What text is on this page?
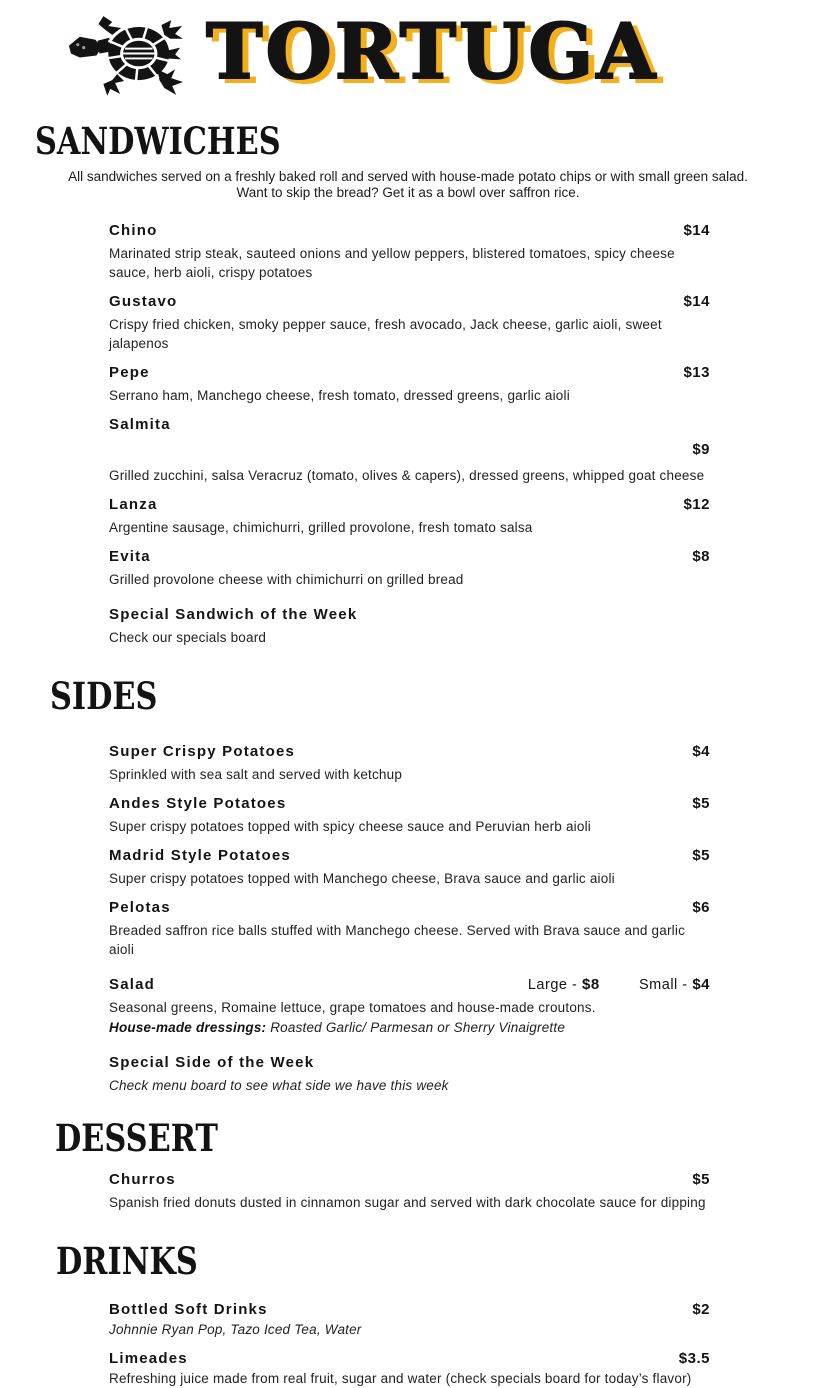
TORTUGA TORTUGA
SANDWICHES

All sandwiches served on a freshly baked roll and served with house-made potato chips or with small green salad.
Want to skip the bread? Get it as a bowl over saffron rice.

Chino	$14

Marinated strip steak, sauteed onions and yellow peppers, blistered tomatoes, spicy cheese sauce, herb aioli, crispy potatoes

Gustavo	$14

Crispy fried chicken, smoky pepper sauce, fresh avocado, Jack cheese, garlic aioli, sweet jalapenos

Pepe	$13

Serrano ham, Manchego cheese, fresh tomato, dressed greens, garlic aioli

Salmita
$9

Grilled zucchini, salsa Veracruz (tomato, olives & capers), dressed greens, whipped goat cheese

Lanza	$12

Argentine sausage, chimichurri, grilled provolone, fresh tomato salsa

Evita	$8

Grilled provolone cheese with chimichurri on grilled bread

Special Sandwich of the Week

Check our specials board

SIDES
Super Crispy Potatoes	$4

Sprinkled with sea salt and served with ketchup

Andes Style Potatoes	$5

Super crispy potatoes topped with spicy cheese sauce and Peruvian herb aioli

Madrid Style Potatoes	$5

Super crispy potatoes topped with Manchego cheese, Brava sauce and garlic aioli

Pelotas	$6

Breaded saffron rice balls stuffed with Manchego cheese. Served with Brava sauce and garlic aioli

Salad	Large - $8	Small - $4

Seasonal greens, Romaine lettuce, grape tomatoes and house-made croutons.

House-made dressings: Roasted Garlic/ Parmesan or Sherry Vinaigrette

Special Side of the Week

Check menu board to see what side we have this week

DESSERT
Churros	$5

Spanish fried donuts dusted in cinnamon sugar and served with dark chocolate sauce for dipping

DRINKS
Bottled Soft Drinks	$2

Johnnie Ryan Pop, Tazo Iced Tea, Water

Limeades	$3.5

Refreshing juice made from real fruit, sugar and water (check specials board for today’s flavor)
